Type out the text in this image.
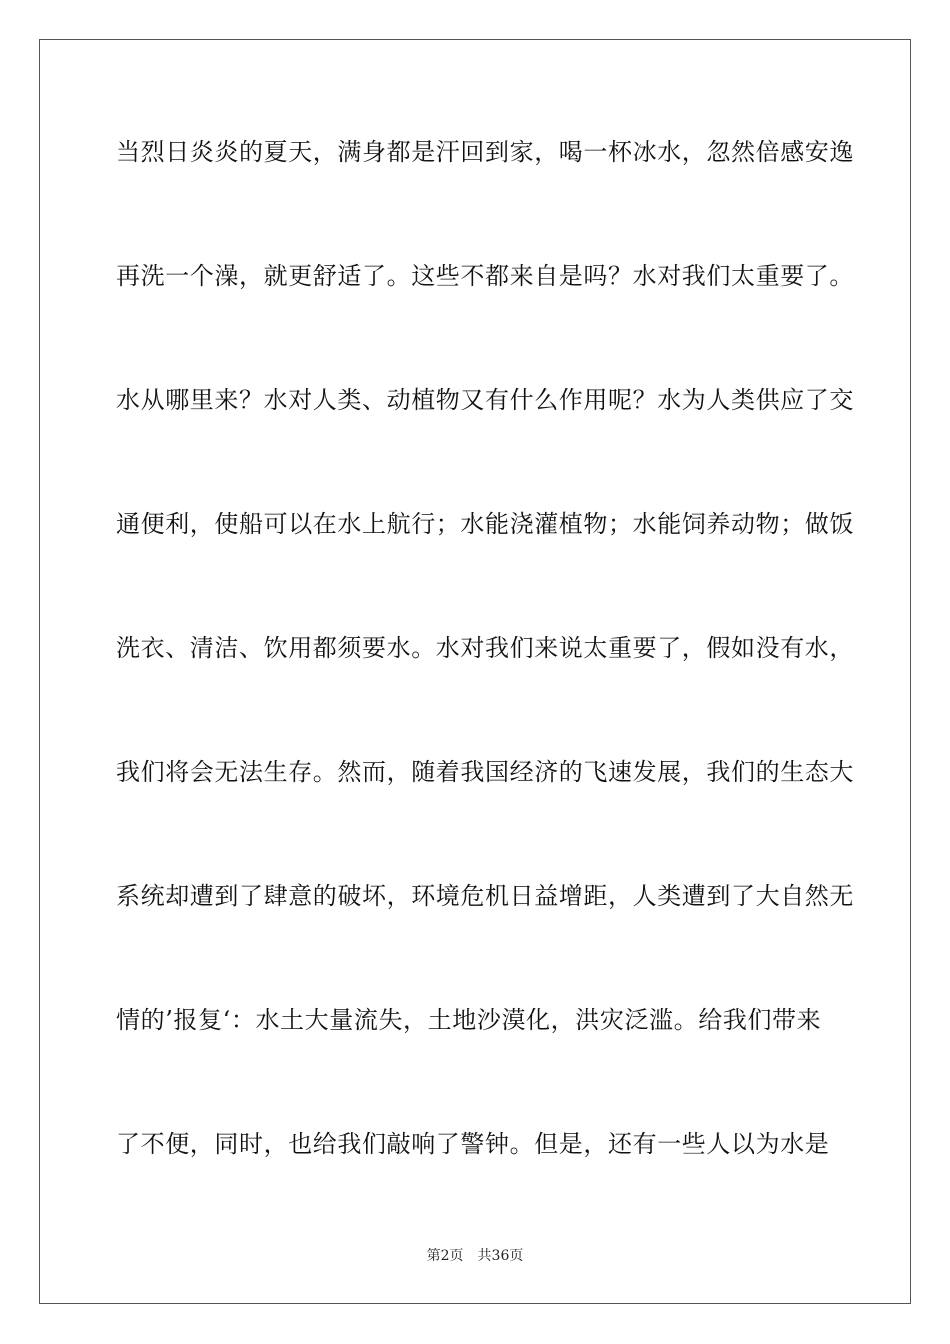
当烈日炎炎的夏天，满身都是汗回到家，喝一杯冰水，忽然倍感安逸
再洗一个澡，就更舒适了。这些不都来自是吗？水对我们太重要了。
水从哪里来？水对人类、动植物又有什么作用呢？水为人类供应了交
通便利，使船可以在水上航行；水能浇灌植物；水能饲养动物；做饭
洗衣、清洁、饮用都须要水。水对我们来说太重要了，假如没有水，
我们将会无法生存。然而，随着我国经济的飞速发展，我们的生态大
系统却遭到了肆意的破坏，环境危机日益增距，人类遭到了大自然无
情的’报复‘：水土大量流失，土地沙漠化，洪灾泛滥。给我们带来
了不便，同时，也给我们敲响了警钟。但是，还有一些人以为水是
第2页 共36页
